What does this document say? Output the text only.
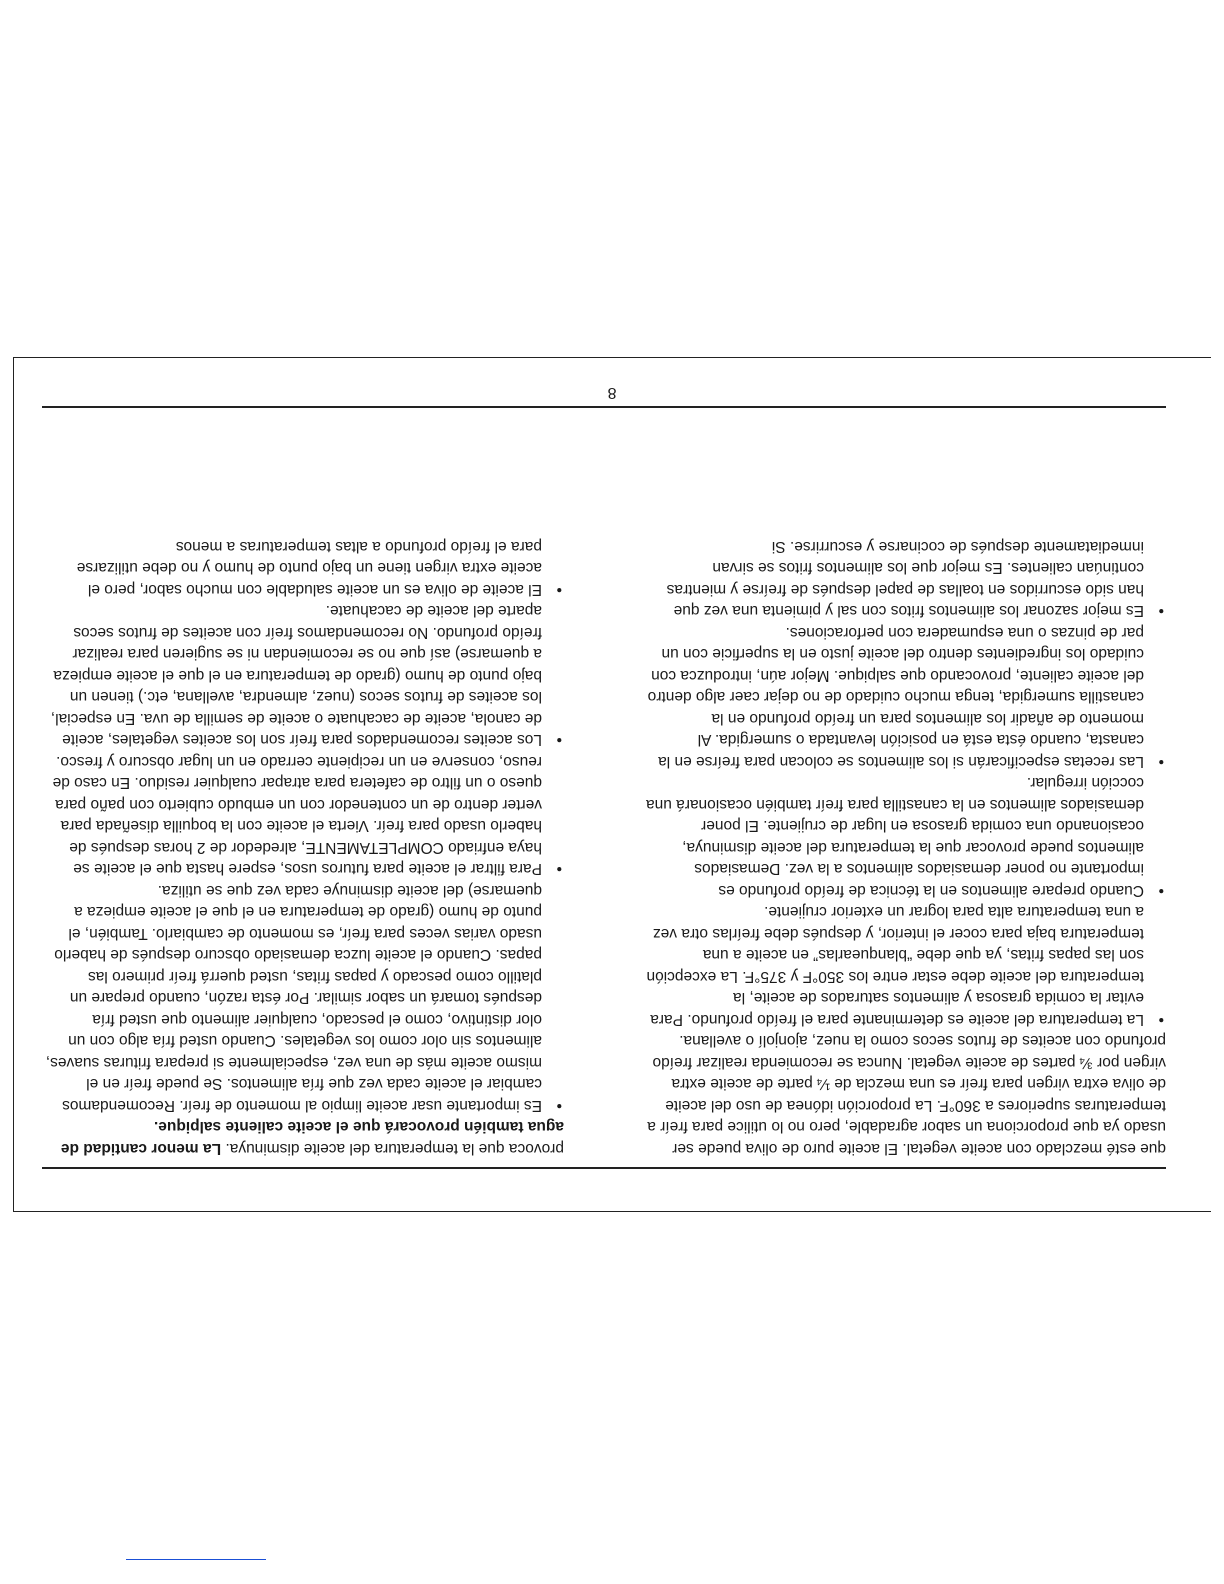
que esté mezclado con aceite vegetal. El aceite puro de oliva puede ser usado ya que proporciona un sabor agradable, pero no lo utilice para freír a temperaturas superiores a 360°F. La proporción idónea de uso del aceite de oliva extra virgen para freír es una mezcla de ¼ parte de aceite extra virgen por ¾ partes de aceite vegetal. Nunca se recomienda realizar freído profundo con aceites de frutos secos como la nuez, ajonjolí o avellana.

•
La temperatura del aceite es determinante para el freído profundo. Para evitar la comida grasosa y alimentos saturados de aceite, la temperatura del aceite debe estar entre los 350°F y 375°F. La excepción son las papas fritas, ya que debe “blanquearlas” en aceite a una temperatura baja para cocer el interior, y después debe freírlas otra vez a una temperatura alta para lograr un exterior crujiente.
•
Cuando prepare alimentos en la técnica de freído profundo es importante no poner demasiados alimentos a la vez. Demasiados alimentos puede provocar que la temperatura del aceite disminuya, ocasionando una comida grasosa en lugar de crujiente. El poner demasiados alimentos en la canastilla para freír también ocasionará una cocción irregular.
•
Las recetas especificarán si los alimentos se colocan para freírse en la canasta, cuando ésta está en posición levantada o sumergida. Al momento de añadir los alimentos para un freído profundo en la canastilla sumergida, tenga mucho cuidado de no dejar caer algo dentro del aceite caliente, provocando que salpique. Mejor aún, introduzca con cuidado los ingredientes dentro del aceite justo en la superficie con un par de pinzas o una espumadera con perforaciones.
•
Es mejor sazonar los alimentos fritos con sal y pimienta una vez que han sido escurridos en toallas de papel después de freírse y mientras continúan calientes. Es mejor que los alimentos fritos se sirvan inmediatamente después de cocinarse y escurrirse. Si

provoca que la temperatura del aceite disminuya. La menor cantidad de agua también provocará que el aceite caliente salpique.

•
Es importante usar aceite limpio al momento de freír. Recomendamos cambiar el aceite cada vez que fría alimentos. Se puede freír en el mismo aceite más de una vez, especialmente si prepara frituras suaves, alimentos sin olor como los vegetales. Cuando usted fría algo con un olor distintivo, como el pescado, cualquier alimento que usted fría después tomará un sabor similar. Por ésta razón, cuando prepare un platillo como pescado y papas fritas, usted querrá freír primero las papas. Cuando el aceite luzca demasiado obscuro después de haberlo usado varias veces para freír, es momento de cambiarlo. También, el punto de humo (grado de temperatura en el que el aceite empieza a quemarse) del aceite disminuye cada vez que se utiliza.
•
Para filtrar el aceite para futuros usos, espere hasta que el aceite se haya enfriado COMPLETAMENTE, alrededor de 2 horas después de haberlo usado para freír. Vierta el aceite con la boquilla diseñada para verter dentro de un contenedor con un embudo cubierto con paño para queso o un filtro de cafetera para atrapar cualquier residuo. En caso de reuso, conserve en un recipiente cerrado en un lugar obscuro y fresco.
•
Los aceites recomendados para freír son los aceites vegetales, aceite de canola, aceite de cacahuate o aceite de semilla de uva. En especial, los aceites de frutos secos (nuez, almendra, avellana, etc.) tienen un bajo punto de humo (grado de temperatura en el que el aceite empieza a quemarse) así que no se recomiendan ni se sugieren para realizar freído profundo. No recomendamos freír con aceites de frutos secos aparte del aceite de cacahuate.
•
El aceite de oliva es un aceite saludable con mucho sabor, pero el aceite extra virgen tiene un bajo punto de humo y no debe utilizarse para el freído profundo a altas temperaturas a menos
8
